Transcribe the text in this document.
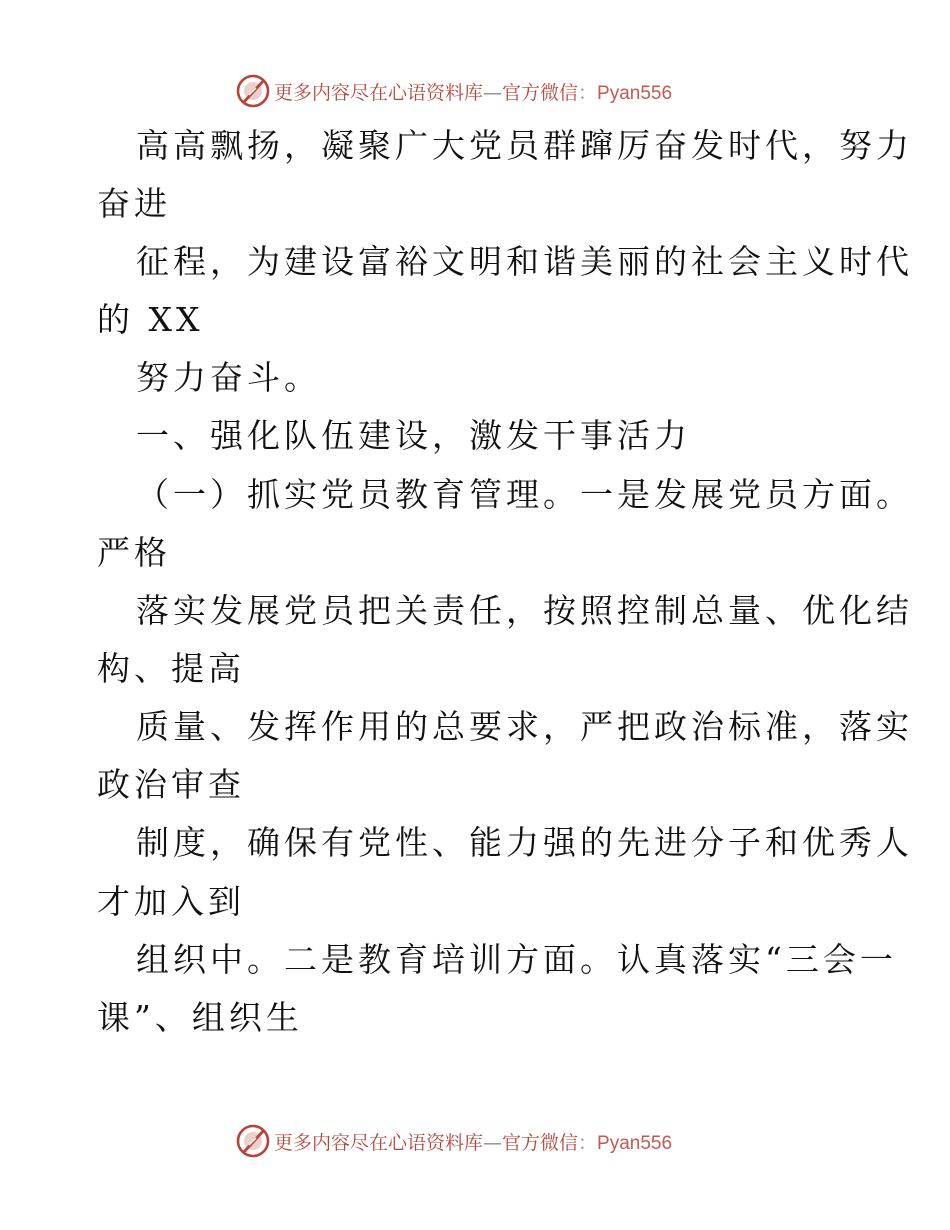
更多内容尽在心语资料库—官方微信：Pyan556

高高飘扬，凝聚广大党员群蹿厉奋发时代，努力

奋进

征程，为建设富裕文明和谐美丽的社会主义时代

的 XX

努力奋斗。

一、强化队伍建设，激发干事活力

（一）抓实党员教育管理。一是发展党员方面。

严格

落实发展党员把关责任，按照控制总量、优化结

构、提高

质量、发挥作用的总要求，严把政治标准，落实

政治审查

制度，确保有党性、能力强的先进分子和优秀人

才加入到

组织中。二是教育培训方面。认真落实“三会一

课”、组织生

更多内容尽在心语资料库—官方微信：Pyan556
